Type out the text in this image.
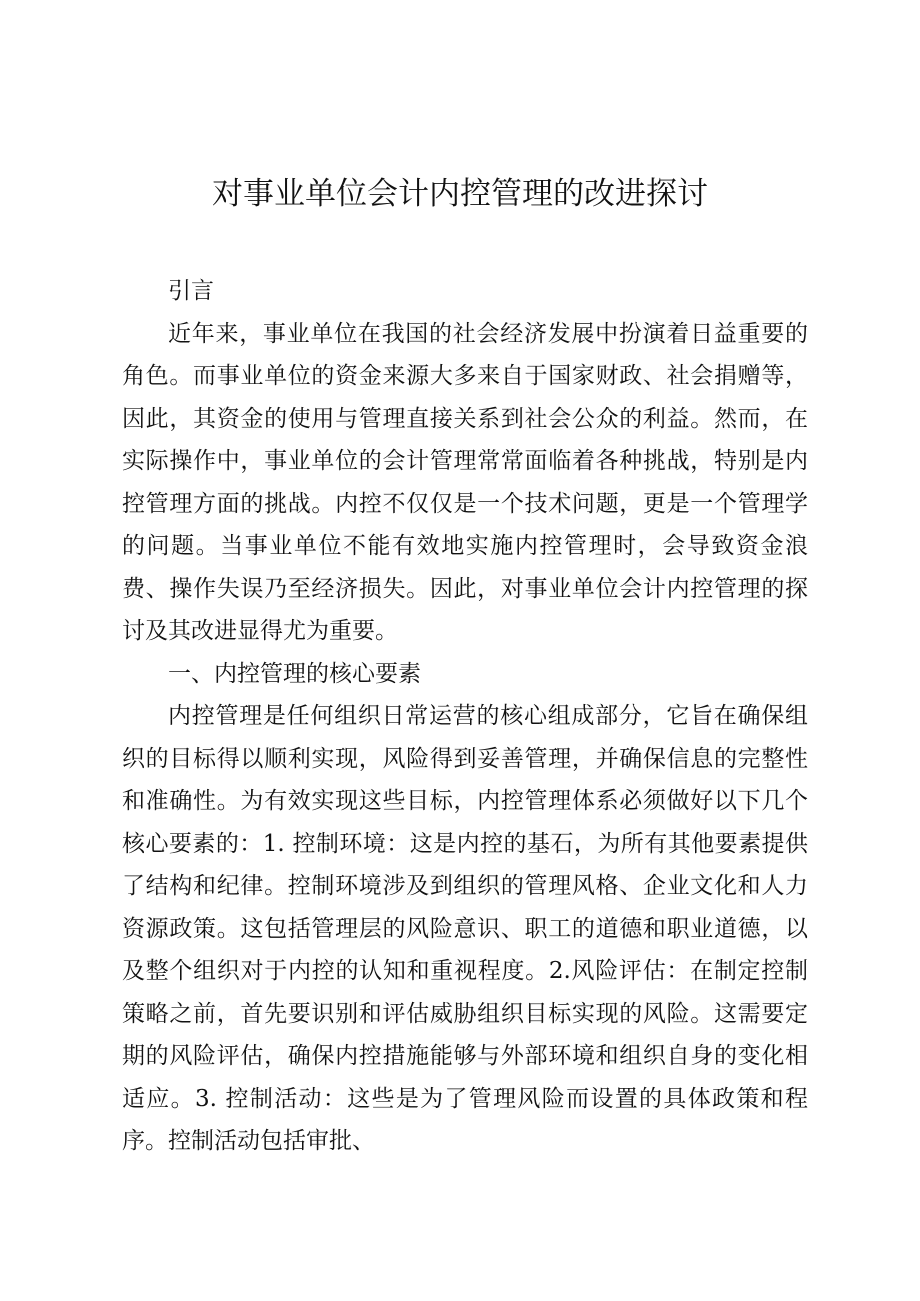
对事业单位会计内控管理的改进探讨

引言

近年来，事业单位在我国的社会经济发展中扮演着日益重要的角色。而事业单位的资金来源大多来自于国家财政、社会捐赠等，因此，其资金的使用与管理直接关系到社会公众的利益。然而，在实际操作中，事业单位的会计管理常常面临着各种挑战，特别是内控管理方面的挑战。内控不仅仅是一个技术问题，更是一个管理学的问题。当事业单位不能有效地实施内控管理时，会导致资金浪费、操作失误乃至经济损失。因此，对事业单位会计内控管理的探讨及其改进显得尤为重要。

一、内控管理的核心要素

内控管理是任何组织日常运营的核心组成部分，它旨在确保组织的目标得以顺利实现，风险得到妥善管理，并确保信息的完整性和准确性。为有效实现这些目标，内控管理体系必须做好以下几个核心要素的：1. 控制环境：这是内控的基石，为所有其他要素提供了结构和纪律。控制环境涉及到组织的管理风格、企业文化和人力资源政策。这包括管理层的风险意识、职工的道德和职业道德，以及整个组织对于内控的认知和重视程度。2.风险评估：在制定控制策略之前，首先要识别和评估威胁组织目标实现的风险。这需要定期的风险评估，确保内控措施能够与外部环境和组织自身的变化相适应。3. 控制活动：这些是为了管理风险而设置的具体政策和程序。控制活动包括审批、
